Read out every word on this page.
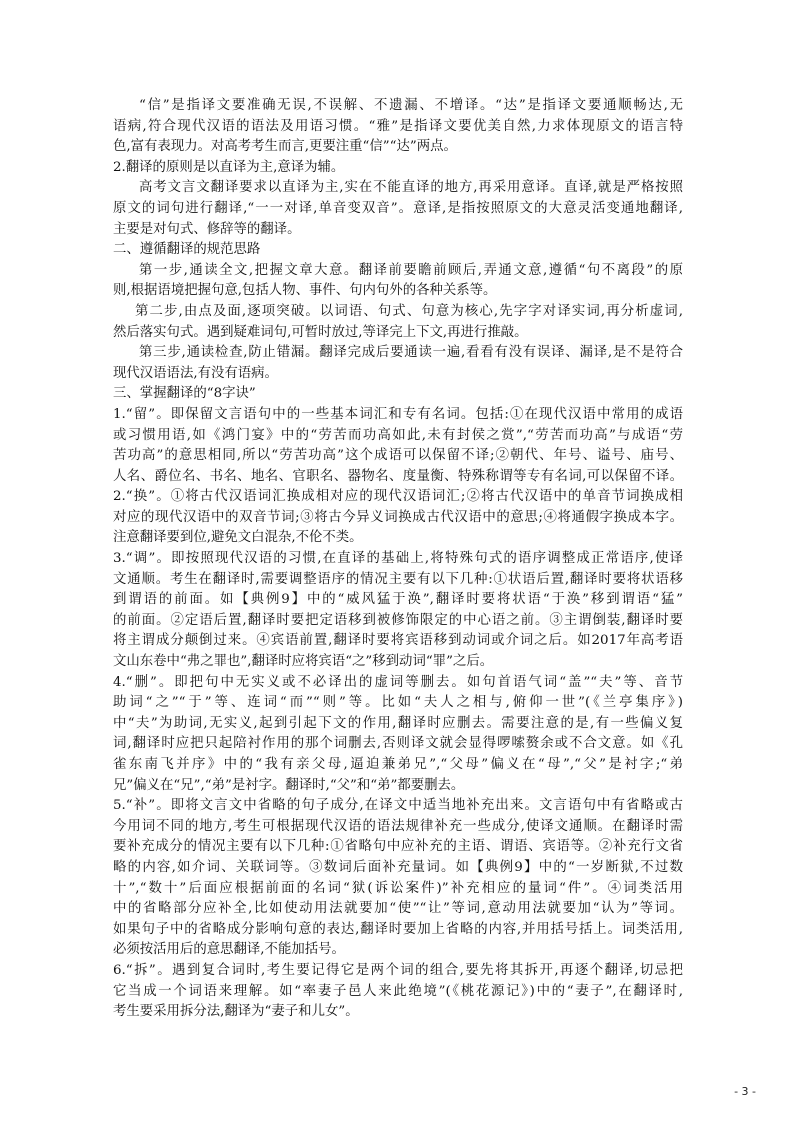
“信”是指译文要准确无误,不误解、不遗漏、不增译。“达”是指译文要通顺畅达,无
语病,符合现代汉语的语法及用语习惯。“雅”是指译文要优美自然,力求体现原文的语言特
色,富有表现力。对高考考生而言,更要注重“信”“达”两点。
2.翻译的原则是以直译为主,意译为辅。
高考文言文翻译要求以直译为主,实在不能直译的地方,再采用意译。直译,就是严格按照
原文的词句进行翻译,“一一对译,单音变双音”。意译,是指按照原文的大意灵活变通地翻译,
主要是对句式、修辞等的翻译。
二、遵循翻译的规范思路
第一步,通读全文,把握文章大意。翻译前要瞻前顾后,弄通文意,遵循“句不离段”的原
则,根据语境把握句意,包括人物、事件、句内句外的各种关系等。
第二步,由点及面,逐项突破。以词语、句式、句意为核心,先字字对译实词,再分析虚词,
然后落实句式。遇到疑难词句,可暂时放过,等译完上下文,再进行推敲。
第三步,通读检查,防止错漏。翻译完成后要通读一遍,看看有没有误译、漏译,是不是符合
现代汉语语法,有没有语病。
三、掌握翻译的“8字诀”
1.“留”。即保留文言语句中的一些基本词汇和专有名词。包括:①在现代汉语中常用的成语
或习惯用语,如《鸿门宴》中的“劳苦而功高如此,未有封侯之赏”,“劳苦而功高”与成语“劳
苦功高”的意思相同,所以“劳苦功高”这个成语可以保留不译;②朝代、年号、谥号、庙号、
人名、爵位名、书名、地名、官职名、器物名、度量衡、特殊称谓等专有名词,可以保留不译。
2.“换”。①将古代汉语词汇换成相对应的现代汉语词汇;②将古代汉语中的单音节词换成相
对应的现代汉语中的双音节词;③将古今异义词换成古代汉语中的意思;④将通假字换成本字。
注意翻译要到位,避免文白混杂,不伦不类。
3.“调”。即按照现代汉语的习惯,在直译的基础上,将特殊句式的语序调整成正常语序,使译
文通顺。考生在翻译时,需要调整语序的情况主要有以下几种:①状语后置,翻译时要将状语移
到谓语的前面。如【典例9】中的“威风猛于涣”,翻译时要将状语“于涣”移到谓语“猛”
的前面。②定语后置,翻译时要把定语移到被修饰限定的中心语之前。③主谓倒装,翻译时要
将主谓成分颠倒过来。④宾语前置,翻译时要将宾语移到动词或介词之后。如2017年高考语
文山东卷中“弗之罪也”,翻译时应将宾语“之”移到动词“罪”之后。
4.“删”。即把句中无实义或不必译出的虚词等删去。如句首语气词“盖”“夫”等、音节
助词“之”“于”等、连词“而”“则”等。比如“夫人之相与,俯仰一世”(《兰亭集序》)
中“夫”为助词,无实义,起到引起下文的作用,翻译时应删去。需要注意的是,有一些偏义复
词,翻译时应把只起陪衬作用的那个词删去,否则译文就会显得啰嗦赘余或不合文意。如《孔
雀东南飞并序》中的“我有亲父母,逼迫兼弟兄”,“父母”偏义在“母”,“父”是衬字;“弟
兄”偏义在“兄”,“弟”是衬字。翻译时,“父”和“弟”都要删去。
5.“补”。即将文言文中省略的句子成分,在译文中适当地补充出来。文言语句中有省略或古
今用词不同的地方,考生可根据现代汉语的语法规律补充一些成分,使译文通顺。在翻译时需
要补充成分的情况主要有以下几种:①省略句中应补充的主语、谓语、宾语等。②补充行文省
略的内容,如介词、关联词等。③数词后面补充量词。如【典例9】中的“一岁断狱,不过数
十”,“数十”后面应根据前面的名词“狱(诉讼案件)”补充相应的量词“件”。④词类活用
中的省略部分应补全,比如使动用法就要加“使”“让”等词,意动用法就要加“认为”等词。
如果句子中的省略成分影响句意的表达,翻译时要加上省略的内容,并用括号括上。词类活用,
必须按活用后的意思翻译,不能加括号。
6.“拆”。遇到复合词时,考生要记得它是两个词的组合,要先将其拆开,再逐个翻译,切忌把
它当成一个词语来理解。如“率妻子邑人来此绝境”(《桃花源记》)中的“妻子”,在翻译时,
考生要采用拆分法,翻译为“妻子和儿女”。
- 3 -
